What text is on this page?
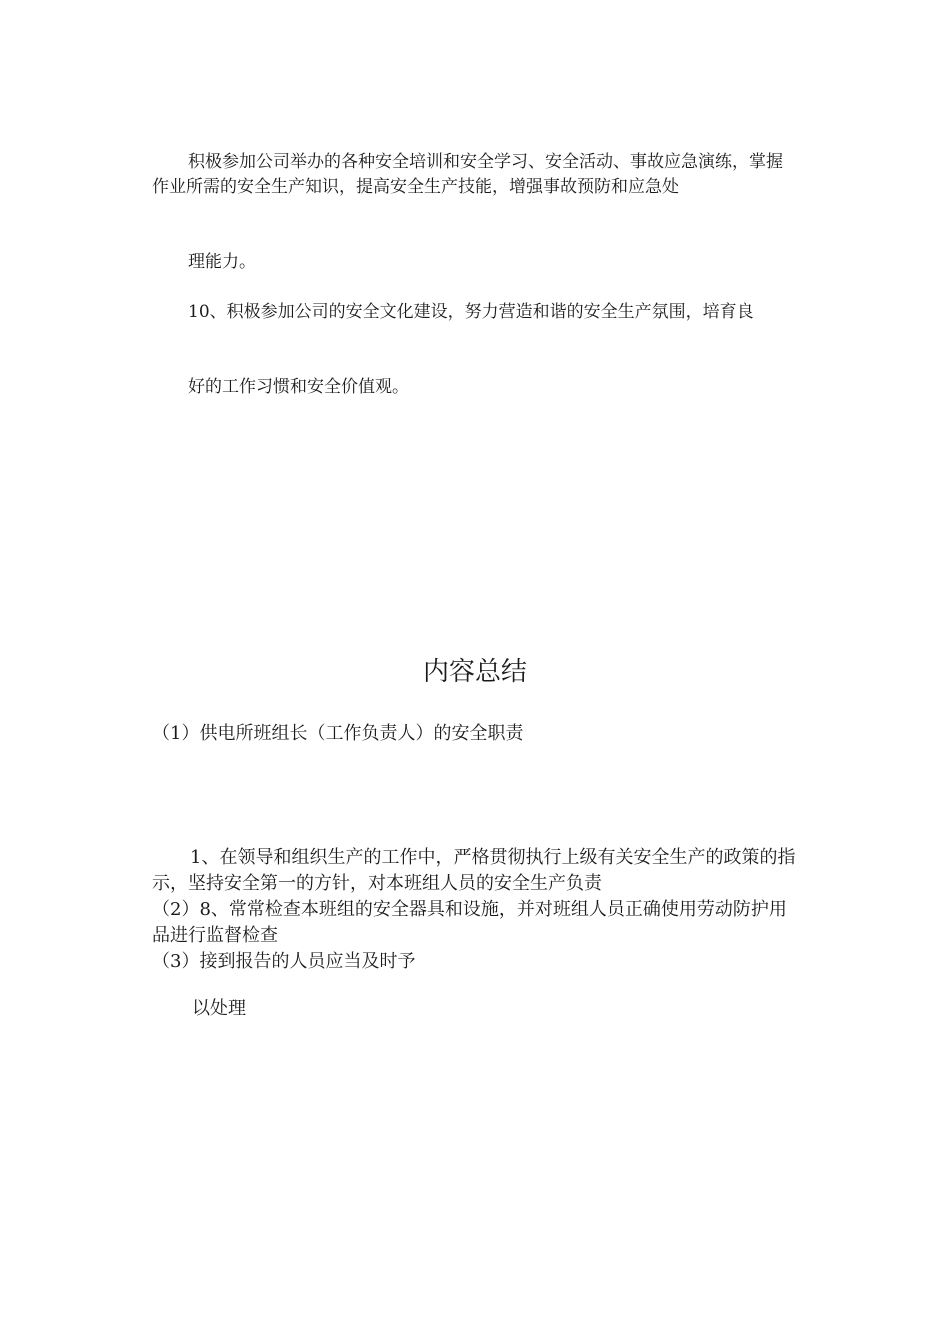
积极参加公司举办的各种安全培训和安全学习、安全活动、事故应急演练，掌握作业所需的安全生产知识，提高安全生产技能，增强事故预防和应急处

理能力。

10、积极参加公司的安全文化建设，努力营造和谐的安全生产氛围，培育良

好的工作习惯和安全价值观。

内容总结

（1）供电所班组长（工作负责人）的安全职责

1、在领导和组织生产的工作中，严格贯彻执行上级有关安全生产的政策的指示，坚持安全第一的方针，对本班组人员的安全生产负责

（2）8、常常检查本班组的安全器具和设施，并对班组人员正确使用劳动防护用品进行监督检查

（3）接到报告的人员应当及时予

以处理
